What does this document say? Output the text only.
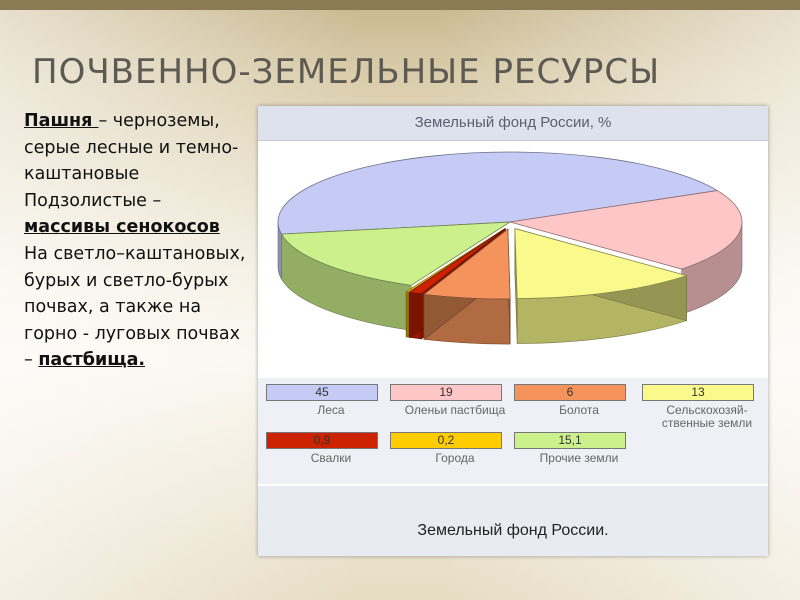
ПОЧВЕННО-ЗЕМЕЛЬНЫЕ РЕСУРСЫ
Пашня – черноземы, серые лесные и темно-каштановые Подзолистые – массивы сенокосов
На светло–каштановых, бурых и светло-бурых почвах, а также на горно - луговых почвах – пастбища.
Земельный фонд России, %
45
Леса
19
Оленьи пастбища
6
Болота
13
Сельскохозяй-ственные земли
0,9
Свалки
0,2
Города
15,1
Прочие земли
Земельный фонд России.
